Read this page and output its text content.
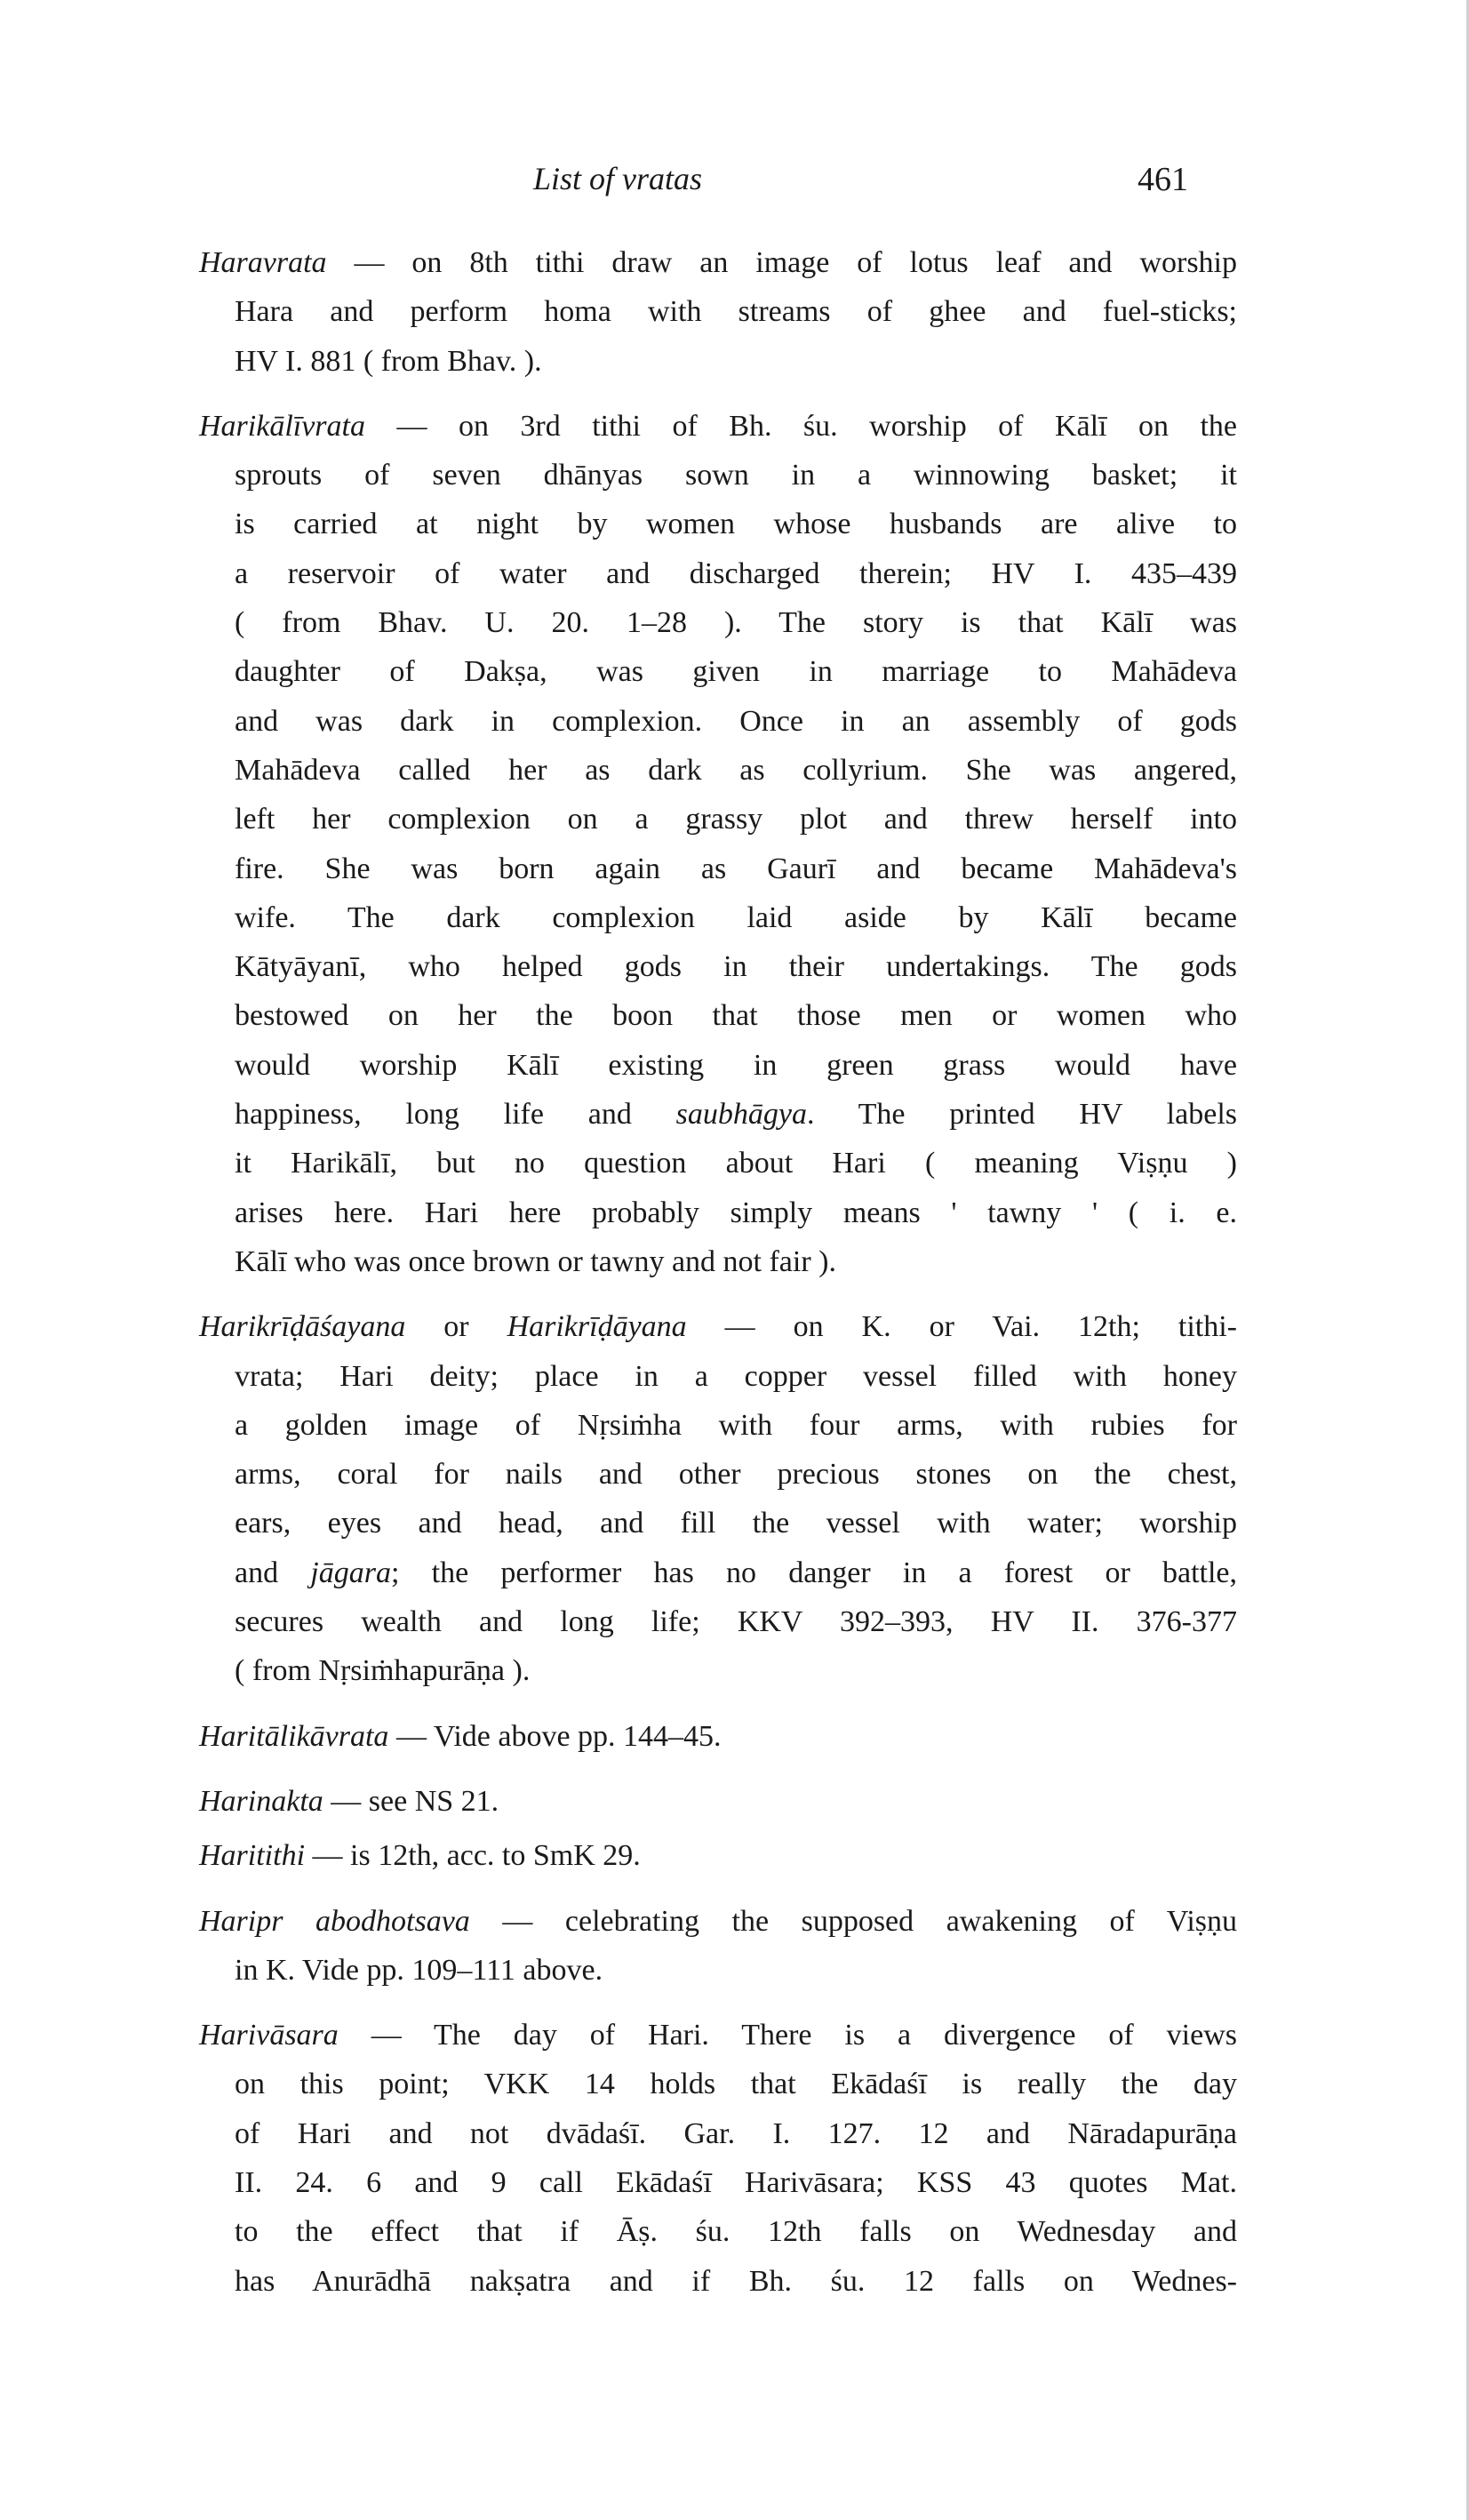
List of vratas	461
Haravrata — on 8th tithi draw an image of lotus leaf and worship
Hara and perform homa with streams of ghee and fuel-sticks;
HV I. 881 ( from Bhav. ).
Harikālīvrata — on 3rd tithi of Bh. śu. worship of Kālī on the
sprouts of seven dhānyas sown in a winnowing basket; it
is carried at night by women whose husbands are alive to
a reservoir of water and discharged therein; HV I. 435–439
( from Bhav. U. 20. 1–28 ). The story is that Kālī was
daughter of Dakṣa, was given in marriage to Mahādeva
and was dark in complexion. Once in an assembly of gods
Mahādeva called her as dark as collyrium. She was angered,
left her complexion on a grassy plot and threw herself into
fire. She was born again as Gaurī and became Mahādeva's
wife. The dark complexion laid aside by Kālī became
Kātyāyanī, who helped gods in their undertakings. The gods
bestowed on her the boon that those men or women who
would worship Kālī existing in green grass would have
happiness, long life and saubhāgya. The printed HV labels
it Harikālī, but no question about Hari ( meaning Viṣṇu )
arises here. Hari here probably simply means ' tawny ' ( i. e.
Kālī who was once brown or tawny and not fair ).
Harikrīḍāśayana or Harikrīḍāyana — on K. or Vai. 12th; tithi-
vrata; Hari deity; place in a copper vessel filled with honey
a golden image of Nṛsiṁha with four arms, with rubies for
arms, coral for nails and other precious stones on the chest,
ears, eyes and head, and fill the vessel with water; worship
and jāgara; the performer has no danger in a forest or battle,
secures wealth and long life; KKV 392–393, HV II. 376-377
( from Nṛsiṁhapurāṇa ).
Haritālikāvrata — Vide above pp. 144–45.
Harinakta — see NS 21.
Haritithi — is 12th, acc. to SmK 29.
Haripr abodhotsava — celebrating the supposed awakening of Viṣṇu
in K. Vide pp. 109–111 above.
Harivāsara — The day of Hari. There is a divergence of views
on this point; VKK 14 holds that Ekādaśī is really the day
of Hari and not dvādaśī. Gar. I. 127. 12 and Nāradapurāṇa
II. 24. 6 and 9 call Ekādaśī Harivāsara; KSS 43 quotes Mat.
to the effect that if Āṣ. śu. 12th falls on Wednesday and
has Anurādhā nakṣatra and if Bh. śu. 12 falls on Wednes-
